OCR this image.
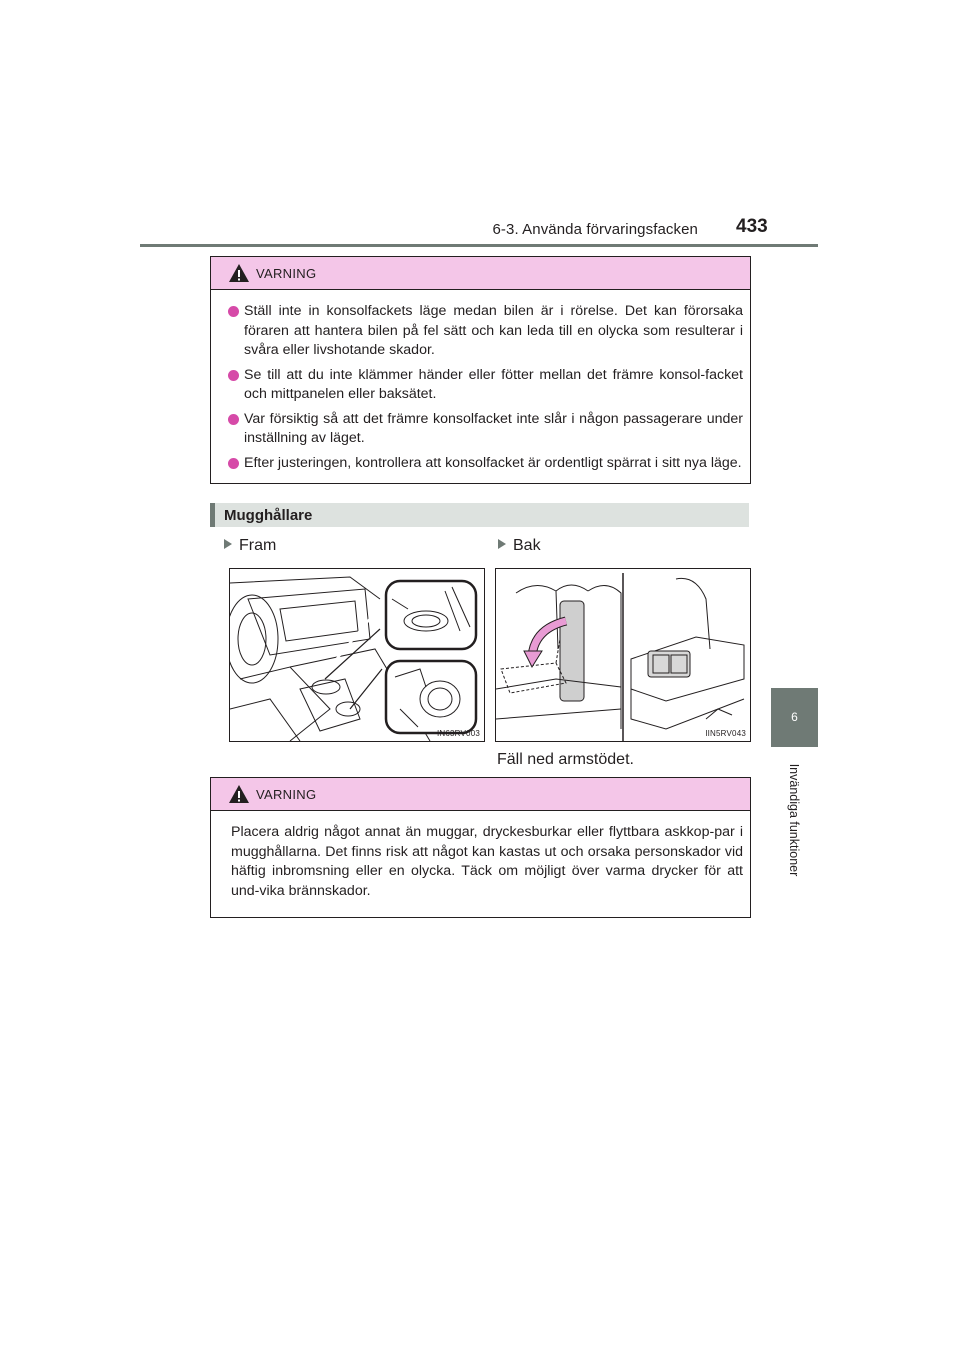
6-3. Använda förvaringsfacken 433
6
Invändiga funktioner
VARNING
Ställ inte in konsolfackets läge medan bilen är i rörelse. Det kan förorsaka föraren att hantera bilen på fel sätt och kan leda till en olycka som resulterar i svåra eller livshotande skador.
Se till att du inte klämmer händer eller fötter mellan det främre konsol-facket och mittpanelen eller baksätet.
Var försiktig så att det främre konsolfacket inte slår i någon passagerare under inställning av läget.
Efter justeringen, kontrollera att konsolfacket är ordentligt spärrat i sitt nya läge.
Mugghållare
Fram	Bak
IN63RV003	IIN5RV043
Fäll ned armstödet.
VARNING

Placera aldrig något annat än muggar, dryckesburkar eller flyttbara askkop-par i mugghållarna. Det finns risk att något kan kastas ut och orsaka personskador vid häftig inbromsning eller en olycka. Täck om möjligt över varma drycker för att und-vika brännskador.
